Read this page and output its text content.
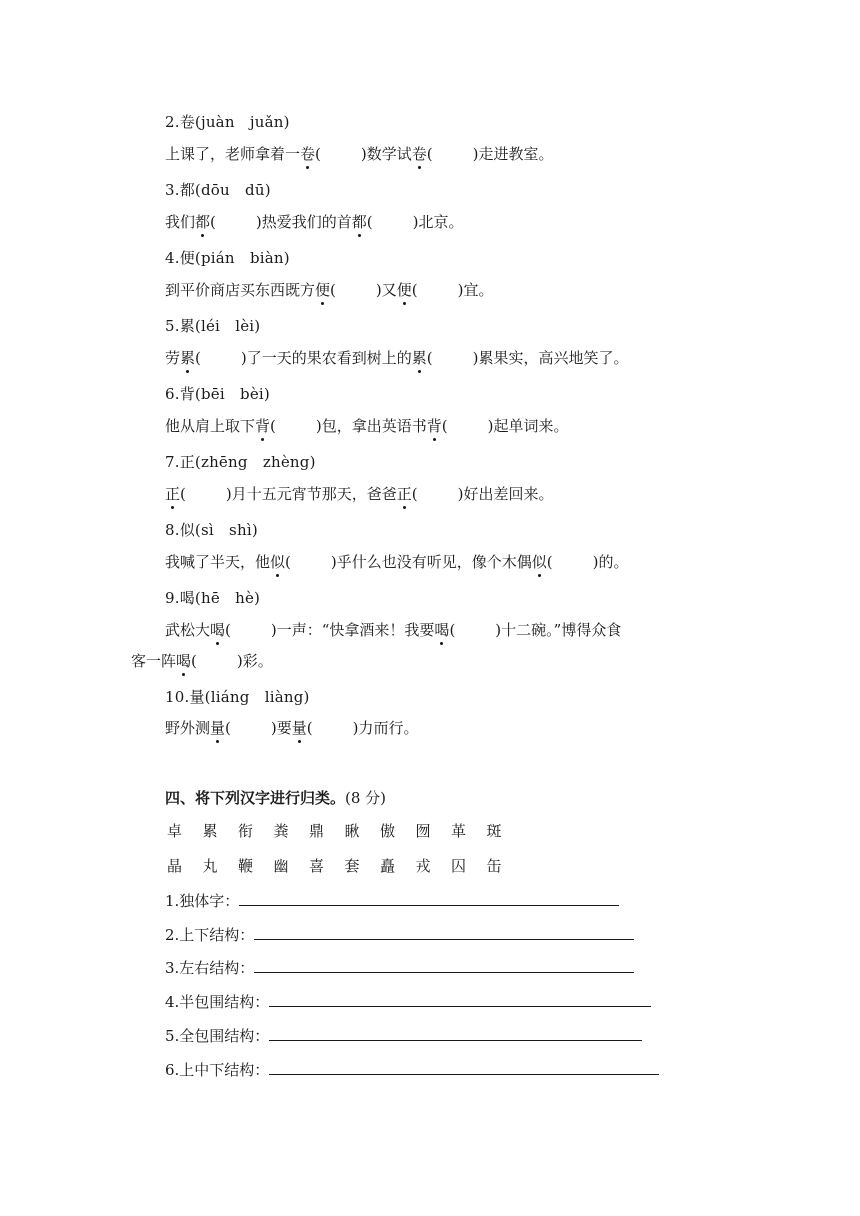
2.卷(juàn　juǎn)
上课了，老师拿着一卷(	)数学试卷(	)走进教室。
3.都(dōu　dū)
我们都(	)热爱我们的首都(	)北京。
4.便(pián　biàn)
到平价商店买东西既方便(	)又便(	)宜。
5.累(léi　lèi)
劳累(	)了一天的果农看到树上的累(	)累果实，高兴地笑了。
6.背(bēi　bèi)
他从肩上取下背(	)包，拿出英语书背(	)起单词来。
7.正(zhēng　zhèng)
正(	)月十五元宵节那天，爸爸正(	)好出差回来。
8.似(sì　shì)
我喊了半天，他似(	)乎什么也没有听见，像个木偶似(	)的。
9.喝(hē　hè)
武松大喝(	)一声：“快拿酒来！我要喝(	)十二碗。”博得众食
客一阵喝(	)彩。
10.量(liáng　liàng)
野外测量(	)要量(	)力而行。
四、将下列汉字进行归类。(8 分)
卓 累 衔 粪 鼎 瞅 傲 囫 革 斑
晶 丸 鞭 幽 喜 套 矗 戎 囚 缶
1.独体字：
2.上下结构：
3.左右结构：
4.半包围结构：
5.全包围结构：
6.上中下结构：
